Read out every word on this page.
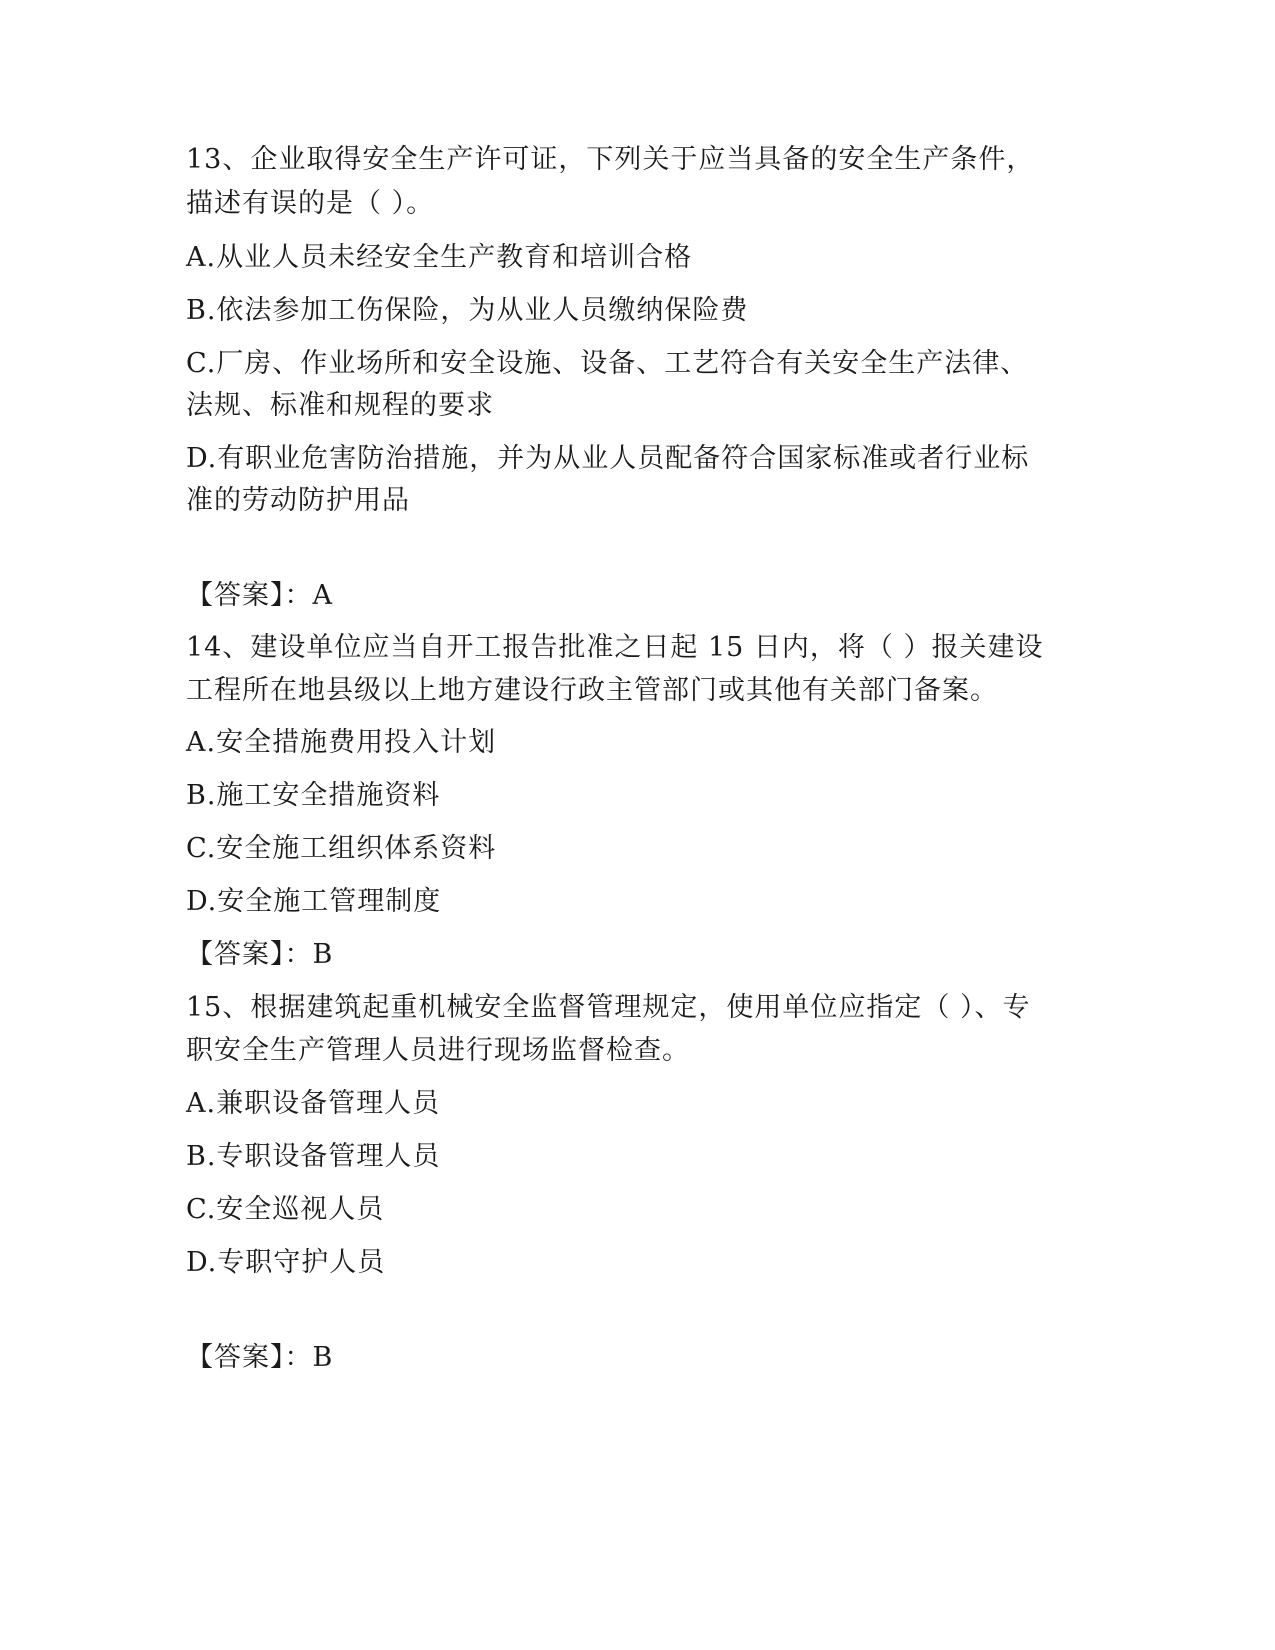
13、企业取得安全生产许可证，下列关于应当具备的安全生产条件，
描述有误的是（ ）。
A.从业人员未经安全生产教育和培训合格
B.依法参加工伤保险，为从业人员缴纳保险费
C.厂房、作业场所和安全设施、设备、工艺符合有关安全生产法律、
法规、标准和规程的要求
D.有职业危害防治措施，并为从业人员配备符合国家标准或者行业标
准的劳动防护用品
【答案】：A
14、建设单位应当自开工报告批准之日起 15 日内，将（ ）报关建设
工程所在地县级以上地方建设行政主管部门或其他有关部门备案。
A.安全措施费用投入计划
B.施工安全措施资料
C.安全施工组织体系资料
D.安全施工管理制度
【答案】：B
15、根据建筑起重机械安全监督管理规定，使用单位应指定（ ）、专
职安全生产管理人员进行现场监督检查。
A.兼职设备管理人员
B.专职设备管理人员
C.安全巡视人员
D.专职守护人员
【答案】：B
